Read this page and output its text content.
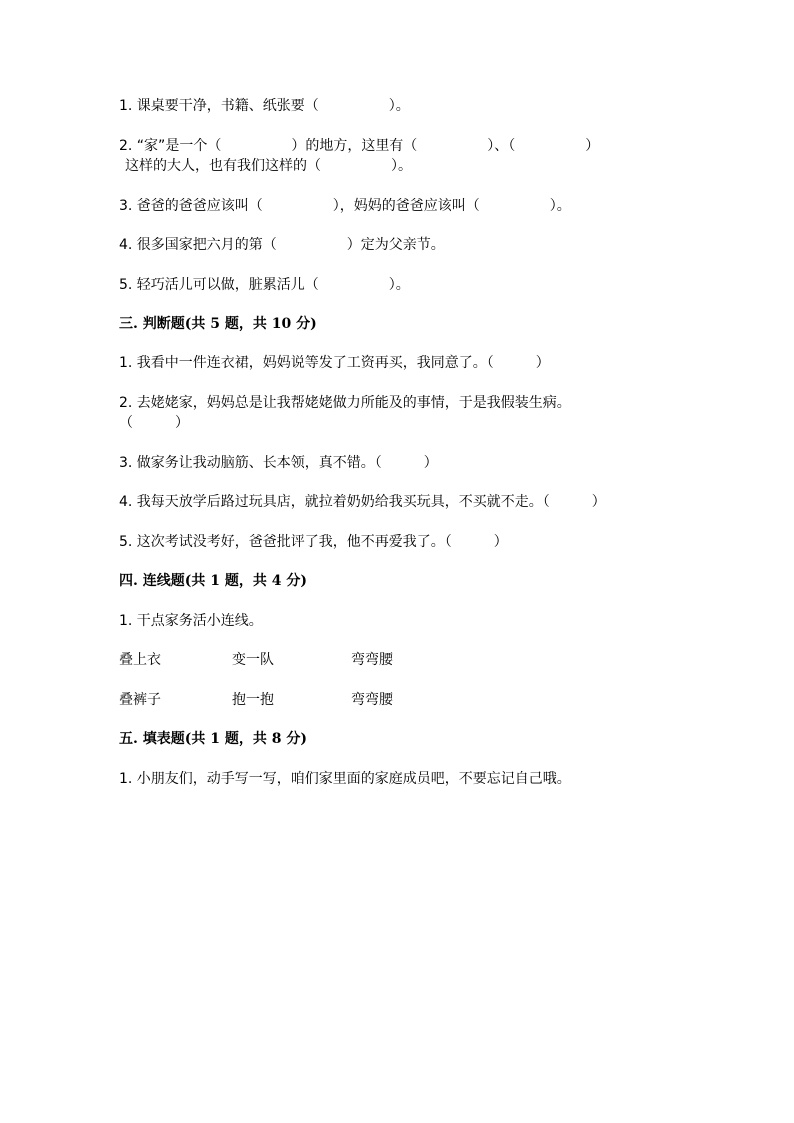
1. 课桌要干净，书籍、纸张要（　　　　　）。
2. “家”是一个（　　　　　）的地方，这里有（　　　　　）、（　　　　　）
这样的大人，也有我们这样的（　　　　　）。
3. 爸爸的爸爸应该叫（　　　　　），妈妈的爸爸应该叫（　　　　　）。
4. 很多国家把六月的第（　　　　　）定为父亲节。
5. 轻巧活儿可以做，脏累活儿（　　　　　）。
三. 判断题(共 5 题，共 10 分)
1. 我看中一件连衣裙，妈妈说等发了工资再买，我同意了。（　　　）
2. 去姥姥家，妈妈总是让我帮姥姥做力所能及的事情，于是我假装生病。
（　　　）
3. 做家务让我动脑筋、长本领，真不错。（　　　）
4. 我每天放学后路过玩具店，就拉着奶奶给我买玩具，不买就不走。（　　　）
5. 这次考试没考好，爸爸批评了我，他不再爱我了。（　　　）
四. 连线题(共 1 题，共 4 分)
1. 干点家务活小连线。
叠上衣	变一队	弯弯腰
叠裤子	抱一抱	弯弯腰
五. 填表题(共 1 题，共 8 分)
1. 小朋友们，动手写一写，咱们家里面的家庭成员吧，不要忘记自己哦。
